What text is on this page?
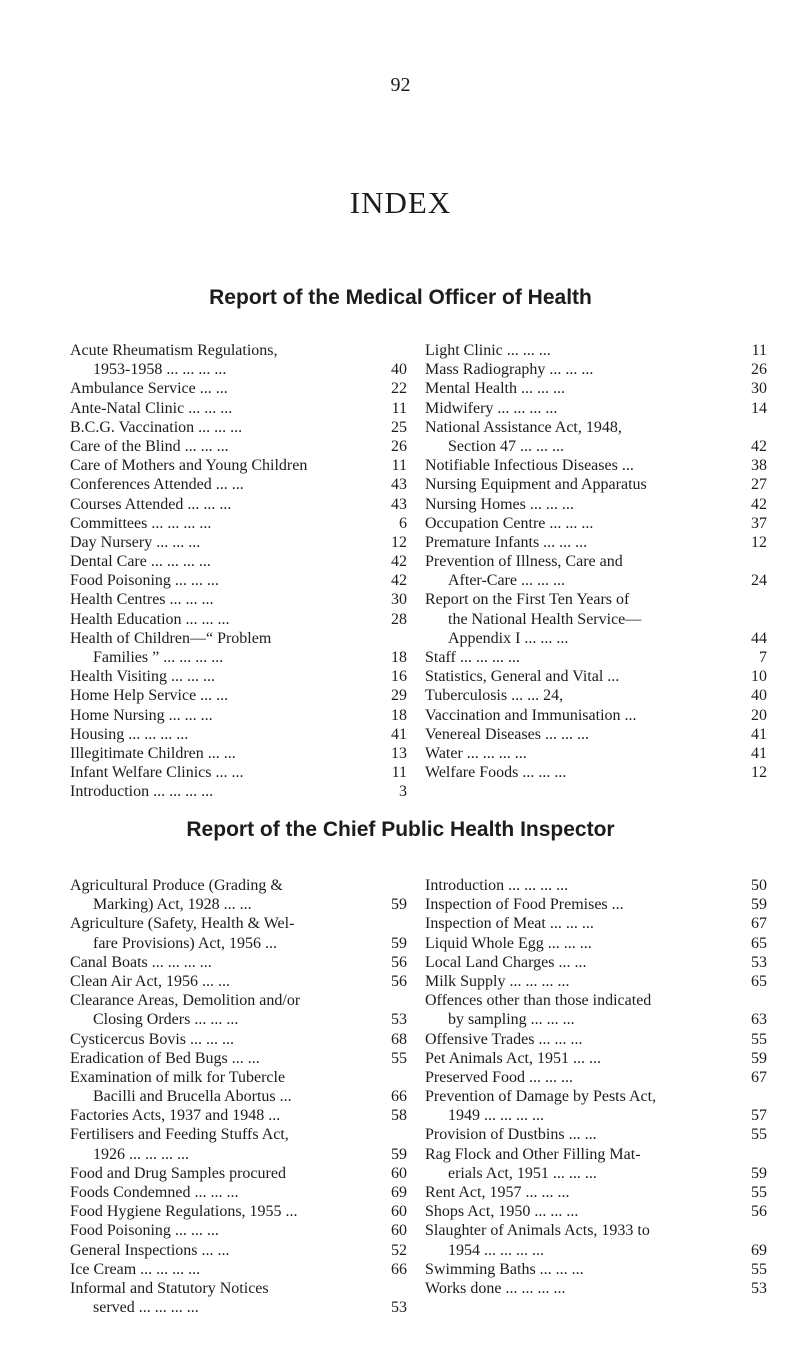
92
INDEX
Report of the Medical Officer of Health
Acute Rheumatism Regulations,
1953-1958 ... ... ... ...	40
Ambulance Service ... ...	22
Ante-Natal Clinic ... ... ...	11
B.C.G. Vaccination ... ... ...	25
Care of the Blind ... ... ...	26
Care of Mothers and Young Children	11
Conferences Attended ... ...	43
Courses Attended ... ... ...	43
Committees ... ... ... ...	6
Day Nursery ... ... ...	12
Dental Care ... ... ... ...	42
Food Poisoning ... ... ...	42
Health Centres ... ... ...	30
Health Education ... ... ...	28
Health of Children—“ Problem
Families ” ... ... ... ...	18
Health Visiting ... ... ...	16
Home Help Service ... ...	29
Home Nursing ... ... ...	18
Housing ... ... ... ...	41
Illegitimate Children ... ...	13
Infant Welfare Clinics ... ...	11
Introduction ... ... ... ...	3
Light Clinic ... ... ...	11
Mass Radiography ... ... ...	26
Mental Health ... ... ...	30
Midwifery ... ... ... ...	14
National Assistance Act, 1948,
Section 47 ... ... ...	42
Notifiable Infectious Diseases ...	38
Nursing Equipment and Apparatus	27
Nursing Homes ... ... ...	42
Occupation Centre ... ... ...	37
Premature Infants ... ... ...	12
Prevention of Illness, Care and
After-Care ... ... ...	24
Report on the First Ten Years of
the National Health Service—
Appendix I ... ... ...	44
Staff ... ... ... ...	7
Statistics, General and Vital ...	10
Tuberculosis ... ... 24,	40
Vaccination and Immunisation ...	20
Venereal Diseases ... ... ...	41
Water ... ... ... ...	41
Welfare Foods ... ... ...	12
Report of the Chief Public Health Inspector
Agricultural Produce (Grading &
Marking) Act, 1928 ... ...	59
Agriculture (Safety, Health & Wel-
fare Provisions) Act, 1956 ...	59
Canal Boats ... ... ... ...	56
Clean Air Act, 1956 ... ...	56
Clearance Areas, Demolition and/or
Closing Orders ... ... ...	53
Cysticercus Bovis ... ... ...	68
Eradication of Bed Bugs ... ...	55
Examination of milk for Tubercle
Bacilli and Brucella Abortus ...	66
Factories Acts, 1937 and 1948 ...	58
Fertilisers and Feeding Stuffs Act,
1926 ... ... ... ...	59
Food and Drug Samples procured	60
Foods Condemned ... ... ...	69
Food Hygiene Regulations, 1955 ...	60
Food Poisoning ... ... ...	60
General Inspections ... ...	52
Ice Cream ... ... ... ...	66
Informal and Statutory Notices
served ... ... ... ...	53
Introduction ... ... ... ...	50
Inspection of Food Premises ...	59
Inspection of Meat ... ... ...	67
Liquid Whole Egg ... ... ...	65
Local Land Charges ... ...	53
Milk Supply ... ... ... ...	65
Offences other than those indicated
by sampling ... ... ...	63
Offensive Trades ... ... ...	55
Pet Animals Act, 1951 ... ...	59
Preserved Food ... ... ...	67
Prevention of Damage by Pests Act,
1949 ... ... ... ...	57
Provision of Dustbins ... ...	55
Rag Flock and Other Filling Mat-
erials Act, 1951 ... ... ...	59
Rent Act, 1957 ... ... ...	55
Shops Act, 1950 ... ... ...	56
Slaughter of Animals Acts, 1933 to
1954 ... ... ... ...	69
Swimming Baths ... ... ...	55
Works done ... ... ... ...	53
